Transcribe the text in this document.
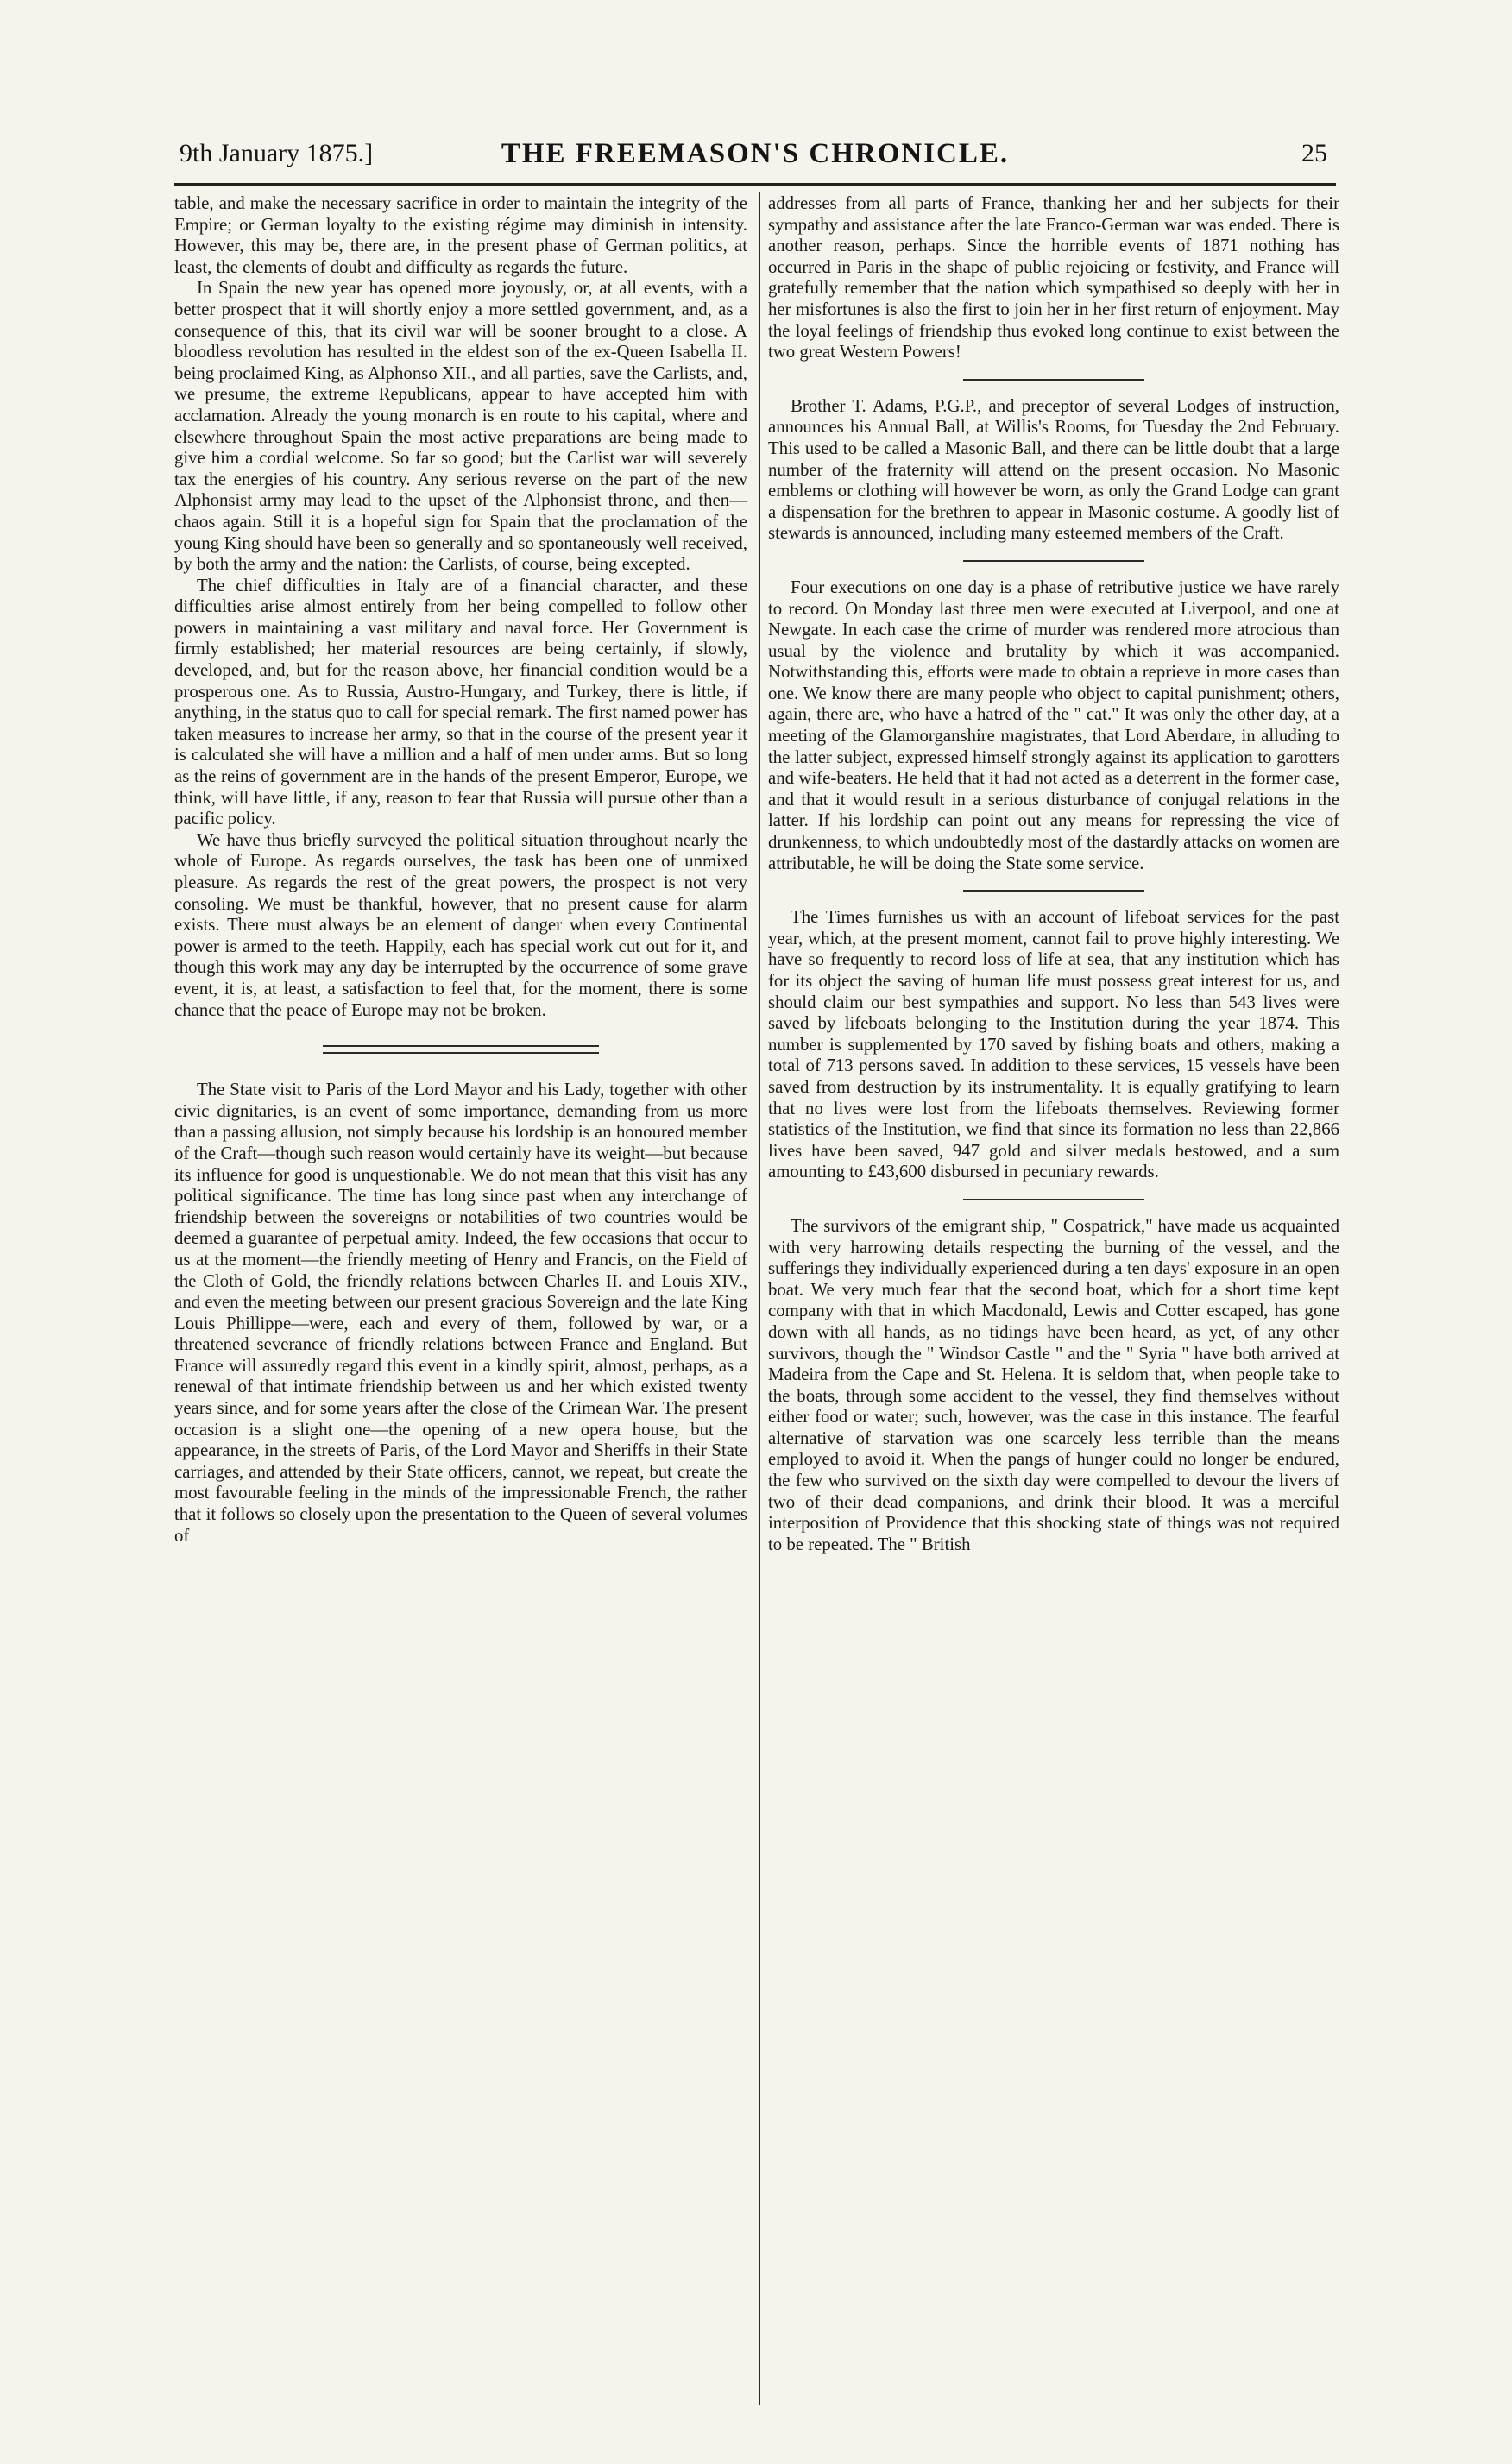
9th January 1875.]	THE FREEMASON'S CHRONICLE.	25

table, and make the necessary sacrifice in order to maintain the integrity of the Empire; or German loyalty to the existing régime may diminish in intensity. However, this may be, there are, in the present phase of German politics, at least, the elements of doubt and difficulty as regards the future.

In Spain the new year has opened more joyously, or, at all events, with a better prospect that it will shortly enjoy a more settled government, and, as a consequence of this, that its civil war will be sooner brought to a close. A bloodless revolution has resulted in the eldest son of the ex-Queen Isabella II. being proclaimed King, as Alphonso XII., and all parties, save the Carlists, and, we presume, the extreme Republicans, appear to have accepted him with acclamation. Already the young monarch is en route to his capital, where and elsewhere throughout Spain the most active preparations are being made to give him a cordial welcome. So far so good; but the Carlist war will severely tax the energies of his country. Any serious reverse on the part of the new Alphonsist army may lead to the upset of the Alphonsist throne, and then—chaos again. Still it is a hopeful sign for Spain that the proclamation of the young King should have been so generally and so spontaneously well received, by both the army and the nation: the Carlists, of course, being excepted.

The chief difficulties in Italy are of a financial character, and these difficulties arise almost entirely from her being compelled to follow other powers in maintaining a vast military and naval force. Her Government is firmly established; her material resources are being certainly, if slowly, developed, and, but for the reason above, her financial condition would be a prosperous one. As to Russia, Austro-Hungary, and Turkey, there is little, if anything, in the status quo to call for special remark. The first named power has taken measures to increase her army, so that in the course of the present year it is calculated she will have a million and a half of men under arms. But so long as the reins of government are in the hands of the present Emperor, Europe, we think, will have little, if any, reason to fear that Russia will pursue other than a pacific policy.

We have thus briefly surveyed the political situation throughout nearly the whole of Europe. As regards ourselves, the task has been one of unmixed pleasure. As regards the rest of the great powers, the prospect is not very consoling. We must be thankful, however, that no present cause for alarm exists. There must always be an element of danger when every Continental power is armed to the teeth. Happily, each has special work cut out for it, and though this work may any day be interrupted by the occurrence of some grave event, it is, at least, a satisfaction to feel that, for the moment, there is some chance that the peace of Europe may not be broken.

The State visit to Paris of the Lord Mayor and his Lady, together with other civic dignitaries, is an event of some importance, demanding from us more than a passing allusion, not simply because his lordship is an honoured member of the Craft—though such reason would certainly have its weight—but because its influence for good is unquestionable. We do not mean that this visit has any political significance. The time has long since past when any interchange of friendship between the sovereigns or notabilities of two countries would be deemed a guarantee of perpetual amity. Indeed, the few occasions that occur to us at the moment—the friendly meeting of Henry and Francis, on the Field of the Cloth of Gold, the friendly relations between Charles II. and Louis XIV., and even the meeting between our present gracious Sovereign and the late King Louis Phillippe—were, each and every of them, followed by war, or a threatened severance of friendly relations between France and England. But France will assuredly regard this event in a kindly spirit, almost, perhaps, as a renewal of that intimate friendship between us and her which existed twenty years since, and for some years after the close of the Crimean War. The present occasion is a slight one—the opening of a new opera house, but the appearance, in the streets of Paris, of the Lord Mayor and Sheriffs in their State carriages, and attended by their State officers, cannot, we repeat, but create the most favourable feeling in the minds of the impressionable French, the rather that it follows so closely upon the presentation to the Queen of several volumes of

addresses from all parts of France, thanking her and her subjects for their sympathy and assistance after the late Franco-German war was ended. There is another reason, perhaps. Since the horrible events of 1871 nothing has occurred in Paris in the shape of public rejoicing or festivity, and France will gratefully remember that the nation which sympathised so deeply with her in her misfortunes is also the first to join her in her first return of enjoyment. May the loyal feelings of friendship thus evoked long continue to exist between the two great Western Powers!

Brother T. Adams, P.G.P., and preceptor of several Lodges of instruction, announces his Annual Ball, at Willis's Rooms, for Tuesday the 2nd February. This used to be called a Masonic Ball, and there can be little doubt that a large number of the fraternity will attend on the present occasion. No Masonic emblems or clothing will however be worn, as only the Grand Lodge can grant a dispensation for the brethren to appear in Masonic costume. A goodly list of stewards is announced, including many esteemed members of the Craft.

Four executions on one day is a phase of retributive justice we have rarely to record. On Monday last three men were executed at Liverpool, and one at Newgate. In each case the crime of murder was rendered more atrocious than usual by the violence and brutality by which it was accompanied. Notwithstanding this, efforts were made to obtain a reprieve in more cases than one. We know there are many people who object to capital punishment; others, again, there are, who have a hatred of the " cat." It was only the other day, at a meeting of the Glamorganshire magistrates, that Lord Aberdare, in alluding to the latter subject, expressed himself strongly against its application to garotters and wife-beaters. He held that it had not acted as a deterrent in the former case, and that it would result in a serious disturbance of conjugal relations in the latter. If his lordship can point out any means for repressing the vice of drunkenness, to which undoubtedly most of the dastardly attacks on women are attributable, he will be doing the State some service.

The Times furnishes us with an account of lifeboat services for the past year, which, at the present moment, cannot fail to prove highly interesting. We have so frequently to record loss of life at sea, that any institution which has for its object the saving of human life must possess great interest for us, and should claim our best sympathies and support. No less than 543 lives were saved by lifeboats belonging to the Institution during the year 1874. This number is supplemented by 170 saved by fishing boats and others, making a total of 713 persons saved. In addition to these services, 15 vessels have been saved from destruction by its instrumentality. It is equally gratifying to learn that no lives were lost from the lifeboats themselves. Reviewing former statistics of the Institution, we find that since its formation no less than 22,866 lives have been saved, 947 gold and silver medals bestowed, and a sum amounting to £43,600 disbursed in pecuniary rewards.

The survivors of the emigrant ship, " Cospatrick," have made us acquainted with very harrowing details respecting the burning of the vessel, and the sufferings they individually experienced during a ten days' exposure in an open boat. We very much fear that the second boat, which for a short time kept company with that in which Macdonald, Lewis and Cotter escaped, has gone down with all hands, as no tidings have been heard, as yet, of any other survivors, though the " Windsor Castle " and the " Syria " have both arrived at Madeira from the Cape and St. Helena. It is seldom that, when people take to the boats, through some accident to the vessel, they find themselves without either food or water; such, however, was the case in this instance. The fearful alternative of starvation was one scarcely less terrible than the means employed to avoid it. When the pangs of hunger could no longer be endured, the few who survived on the sixth day were compelled to devour the livers of two of their dead companions, and drink their blood. It was a merciful interposition of Providence that this shocking state of things was not required to be repeated. The " British
